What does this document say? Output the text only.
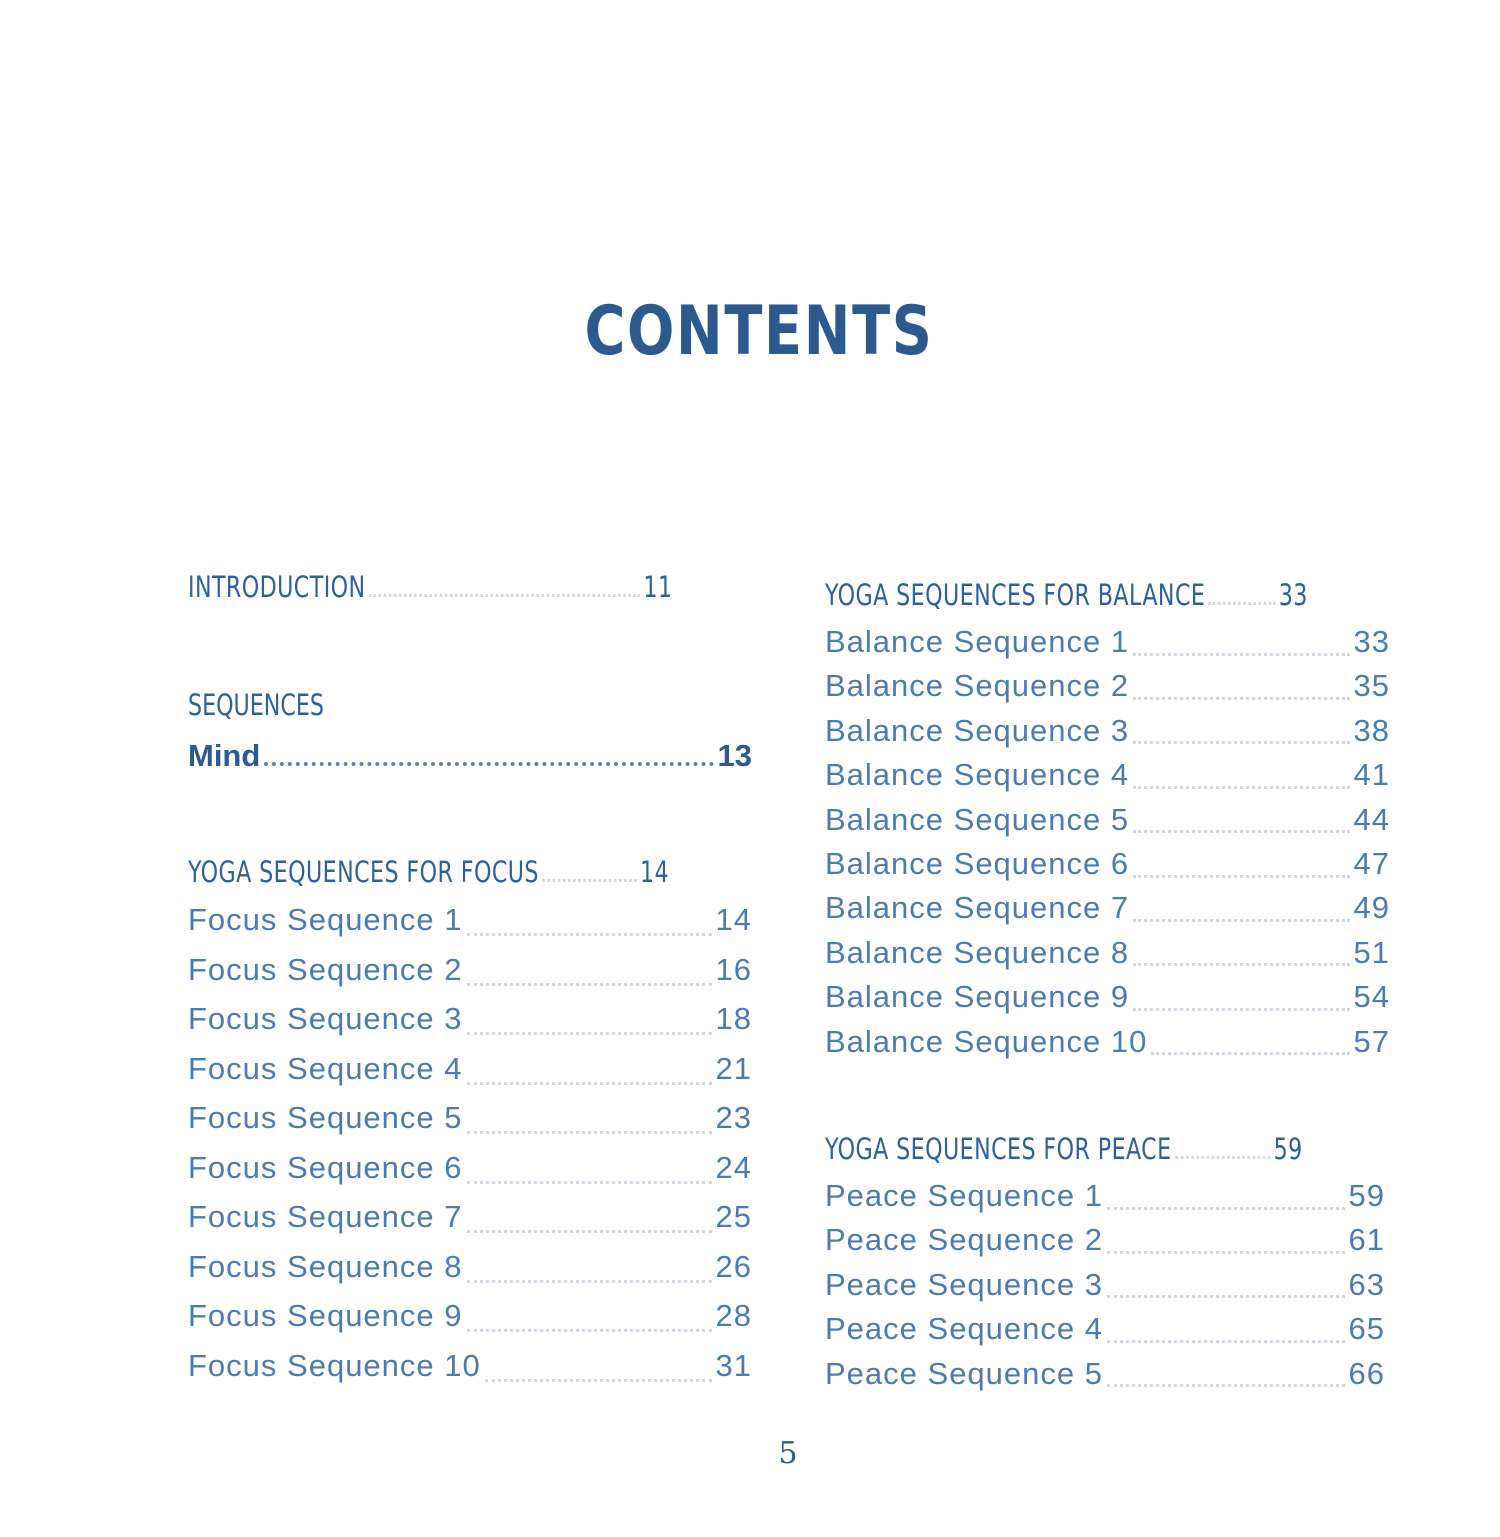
CONTENTS
INTRODUCTION	11
SEQUENCES
Mind	13
YOGA SEQUENCES FOR FOCUS	14
Focus Sequence 1	14
Focus Sequence 2	16
Focus Sequence 3	18
Focus Sequence 4	21
Focus Sequence 5	23
Focus Sequence 6	24
Focus Sequence 7	25
Focus Sequence 8	26
Focus Sequence 9	28
Focus Sequence 10	31
YOGA SEQUENCES FOR BALANCE	33
Balance Sequence 1	33
Balance Sequence 2	35
Balance Sequence 3	38
Balance Sequence 4	41
Balance Sequence 5	44
Balance Sequence 6	47
Balance Sequence 7	49
Balance Sequence 8	51
Balance Sequence 9	54
Balance Sequence 10	57
YOGA SEQUENCES FOR PEACE	59
Peace Sequence 1	59
Peace Sequence 2	61
Peace Sequence 3	63
Peace Sequence 4	65
Peace Sequence 5	66
5
